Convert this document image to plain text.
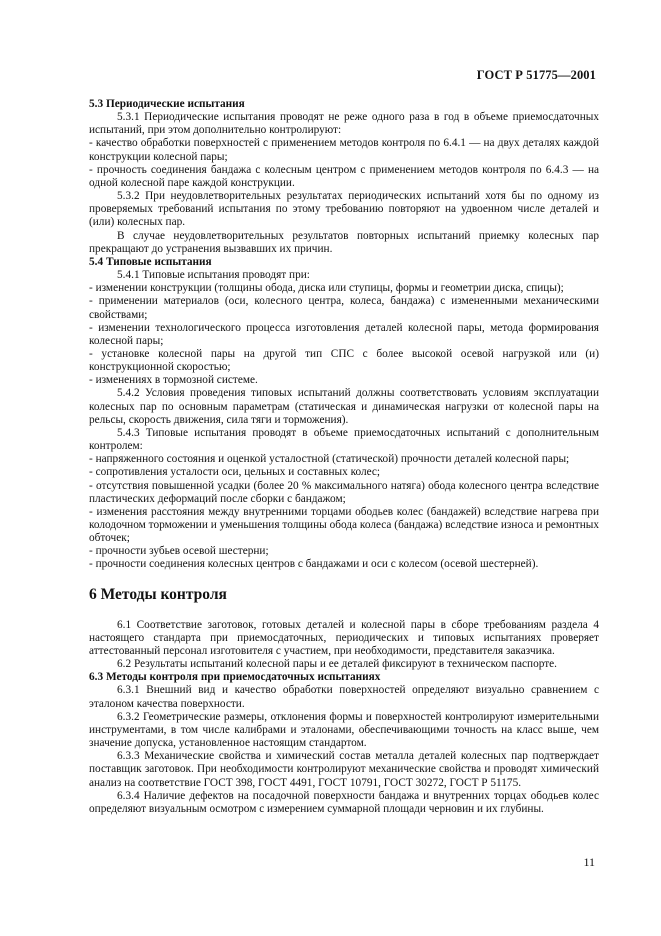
ГОСТ Р 51775—2001

5.3 Периодические испытания

5.3.1 Периодические испытания проводят не реже одного раза в год в объеме приемосдаточных испытаний, при этом дополнительно контролируют:

- качество обработки поверхностей с применением методов контроля по 6.4.1 — на двух деталях каждой конструкции колесной пары;

- прочность соединения бандажа с колесным центром с применением методов контроля по 6.4.3 — на одной колесной паре каждой конструкции.

5.3.2 При неудовлетворительных результатах периодических испытаний хотя бы по одному из проверяемых требований испытания по этому требованию повторяют на удвоенном числе деталей и (или) колесных пар.

В случае неудовлетворительных результатов повторных испытаний приемку колесных пар прекращают до устранения вызвавших их причин.

5.4 Типовые испытания

5.4.1 Типовые испытания проводят при:

- изменении конструкции (толщины обода, диска или ступицы, формы и геометрии диска, спицы);

- применении материалов (оси, колесного центра, колеса, бандажа) с измененными механическими свойствами;

- изменении технологического процесса изготовления деталей колесной пары, метода формирования колесной пары;

- установке колесной пары на другой тип СПС с более высокой осевой нагрузкой или (и) конструкционной скоростью;

- изменениях в тормозной системе.

5.4.2 Условия проведения типовых испытаний должны соответствовать условиям эксплуатации колесных пар по основным параметрам (статическая и динамическая нагрузки от колесной пары на рельсы, скорость движения, сила тяги и торможения).

5.4.3 Типовые испытания проводят в объеме приемосдаточных испытаний с дополнительным контролем:

- напряженного состояния и оценкой усталостной (статической) прочности деталей колесной пары;

- сопротивления усталости оси, цельных и составных колес;

- отсутствия повышенной усадки (более 20 % максимального натяга) обода колесного центра вследствие пластических деформаций после сборки с бандажом;

- изменения расстояния между внутренними торцами ободьев колес (бандажей) вследствие нагрева при колодочном торможении и уменьшения толщины обода колеса (бандажа) вследствие износа и ремонтных обточек;

- прочности зубьев осевой шестерни;

- прочности соединения колесных центров с бандажами и оси с колесом (осевой шестерней).

6 Методы контроля

6.1 Соответствие заготовок, готовых деталей и колесной пары в сборе требованиям раздела 4 настоящего стандарта при приемосдаточных, периодических и типовых испытаниях проверяет аттестованный персонал изготовителя с участием, при необходимости, представителя заказчика.

6.2 Результаты испытаний колесной пары и ее деталей фиксируют в техническом паспорте.

6.3 Методы контроля при приемосдаточных испытаниях

6.3.1 Внешний вид и качество обработки поверхностей определяют визуально сравнением с эталоном качества поверхности.

6.3.2 Геометрические размеры, отклонения формы и поверхностей контролируют измерительными инструментами, в том числе калибрами и эталонами, обеспечивающими точность на класс выше, чем значение допуска, установленное настоящим стандартом.

6.3.3 Механические свойства и химический состав металла деталей колесных пар подтверждает поставщик заготовок. При необходимости контролируют механические свойства и проводят химический анализ на соответствие ГОСТ 398, ГОСТ 4491, ГОСТ 10791, ГОСТ 30272, ГОСТ Р 51175.

6.3.4 Наличие дефектов на посадочной поверхности бандажа и внутренних торцах ободьев колес определяют визуальным осмотром с измерением суммарной площади черновин и их глубины.

11
